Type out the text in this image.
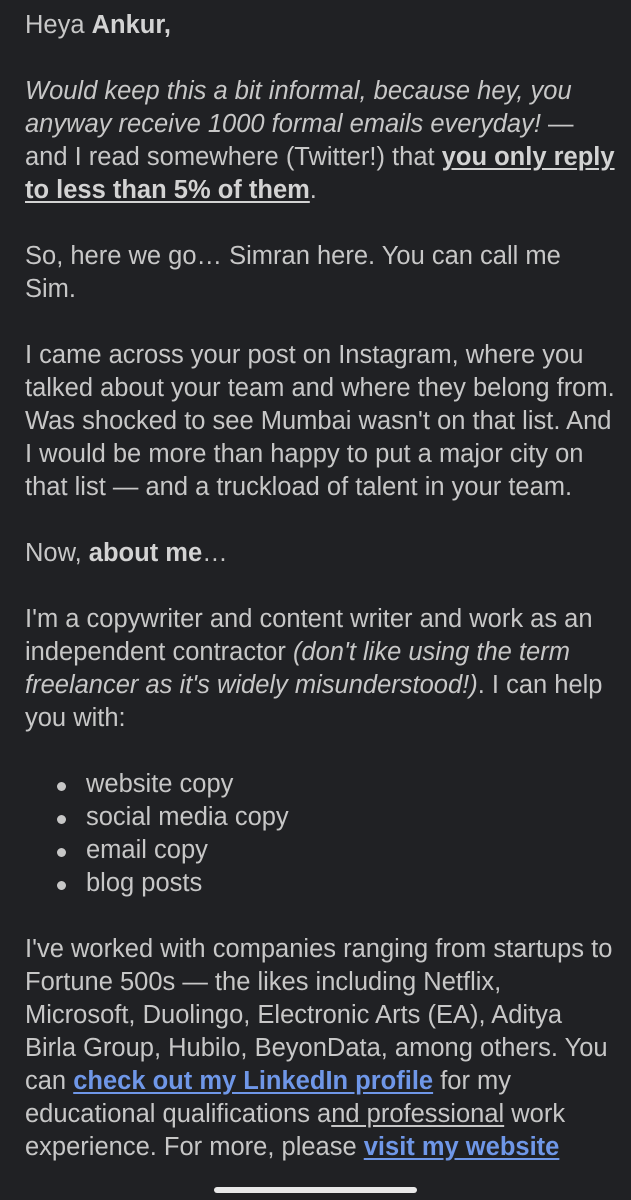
Heya Ankur,

Would keep this a bit informal, because hey, you anyway receive 1000 formal emails everyday! — and I read somewhere (Twitter!) that you only reply to less than 5% of them.

So, here we go… Simran here. You can call me Sim.

I came across your post on Instagram, where you talked about your team and where they belong from. Was shocked to see Mumbai wasn't on that list. And I would be more than happy to put a major city on that list — and a truckload of talent in your team.

Now, about me…

I'm a copywriter and content writer and work as an independent contractor (don't like using the term freelancer as it's widely misunderstood!). I can help you with:

website copy
social media copy
email copy
blog posts

I've worked with companies ranging from startups to Fortune 500s — the likes including Netflix, Microsoft, Duolingo, Electronic Arts (EA), Aditya Birla Group, Hubilo, BeyonData, among others. You can check out my LinkedIn profile for my educational qualifications and professional work experience. For more, please visit my website
